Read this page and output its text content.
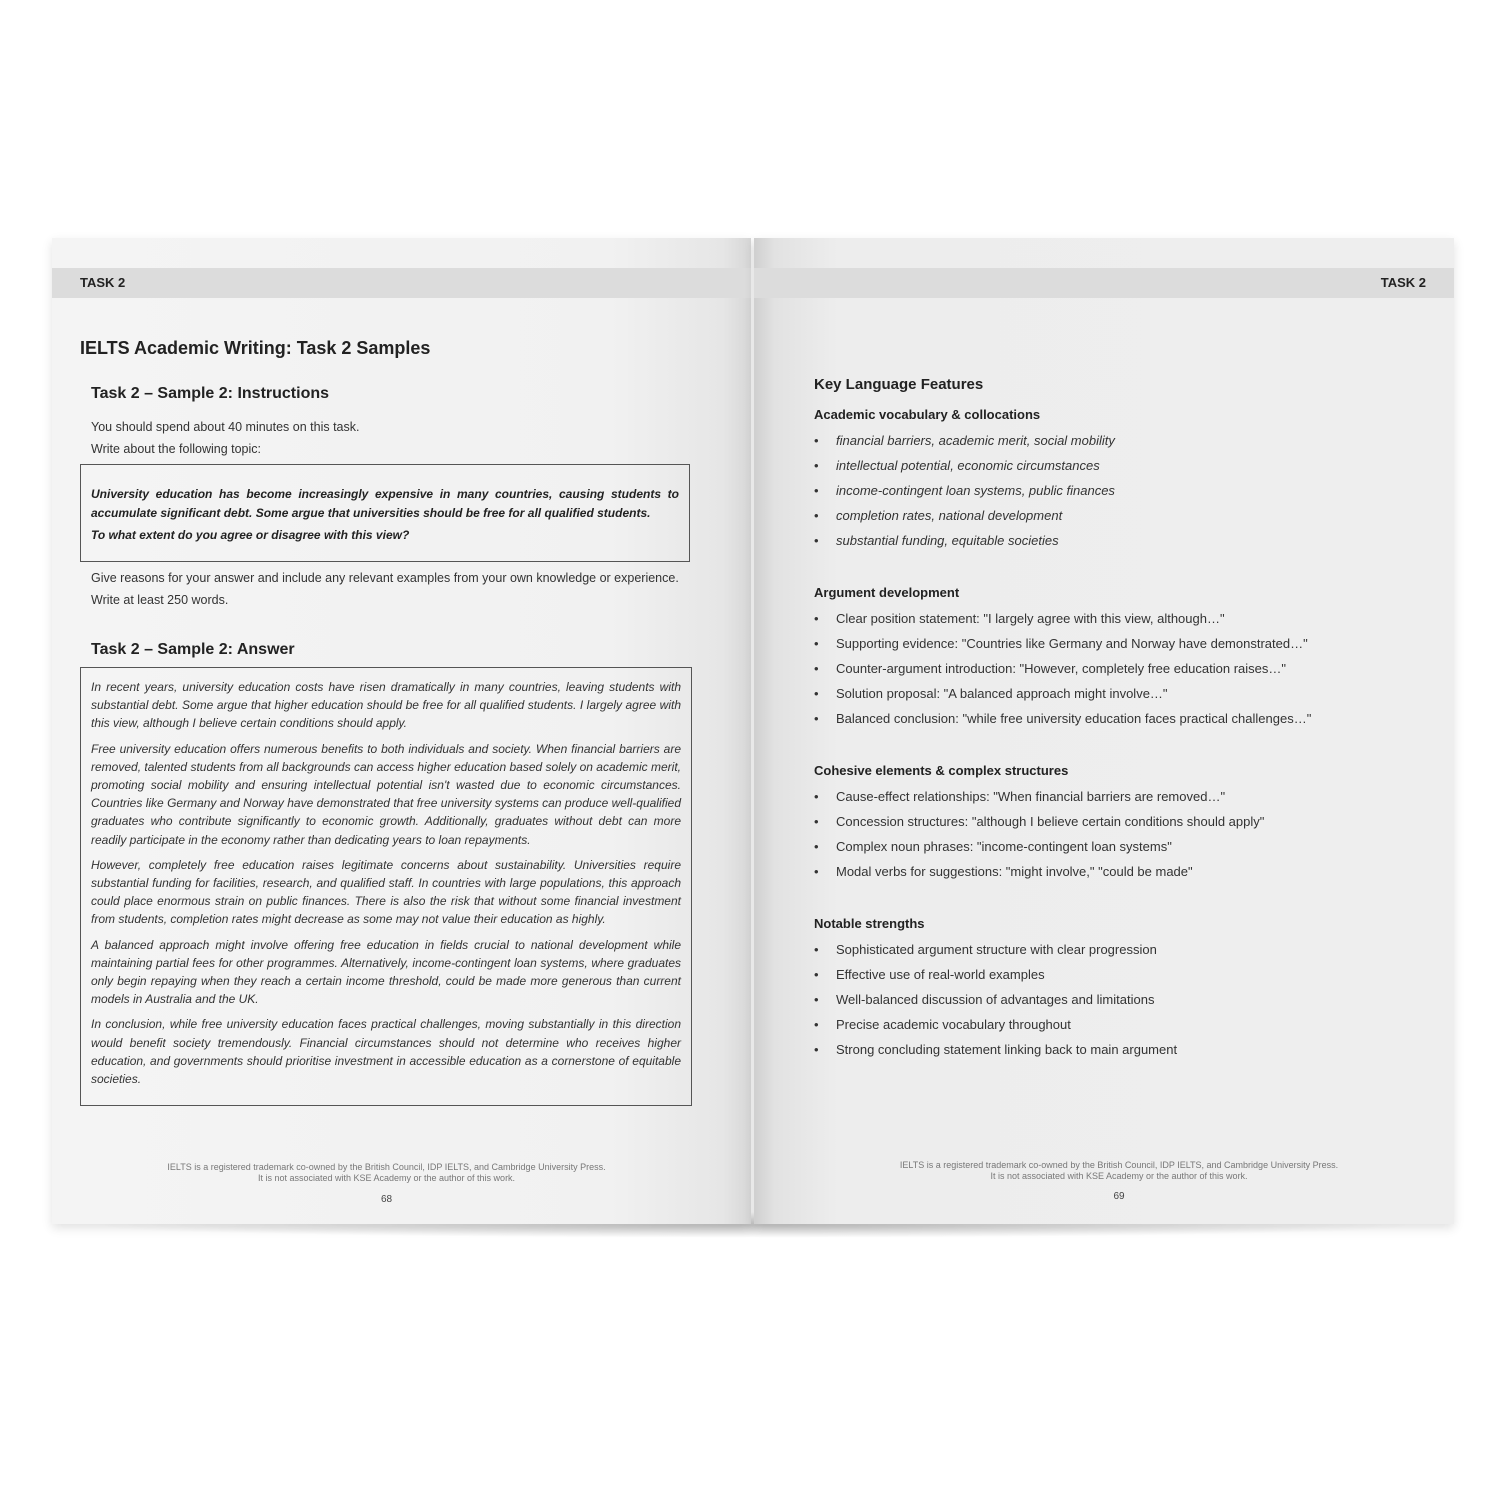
TASK 2
IELTS Academic Writing: Task 2 Samples
Task 2 – Sample 2: Instructions
You should spend about 40 minutes on this task.
Write about the following topic:
University education has become increasingly expensive in many countries, causing students to accumulate significant debt. Some argue that universities should be free for all qualified students.
To what extent do you agree or disagree with this view?
Give reasons for your answer and include any relevant examples from your own knowledge or experience.
Write at least 250 words.
Task 2 – Sample 2: Answer

In recent years, university education costs have risen dramatically in many countries, leaving students with substantial debt. Some argue that higher education should be free for all qualified students. I largely agree with this view, although I believe certain conditions should apply.

Free university education offers numerous benefits to both individuals and society. When financial barriers are removed, talented students from all backgrounds can access higher education based solely on academic merit, promoting social mobility and ensuring intellectual potential isn't wasted due to economic circumstances. Countries like Germany and Norway have demonstrated that free university systems can produce well-qualified graduates who contribute significantly to economic growth. Additionally, graduates without debt can more readily participate in the economy rather than dedicating years to loan repayments.

However, completely free education raises legitimate concerns about sustainability. Universities require substantial funding for facilities, research, and qualified staff. In countries with large populations, this approach could place enormous strain on public finances. There is also the risk that without some financial investment from students, completion rates might decrease as some may not value their education as highly.

A balanced approach might involve offering free education in fields crucial to national development while maintaining partial fees for other programmes. Alternatively, income-contingent loan systems, where graduates only begin repaying when they reach a certain income threshold, could be made more generous than current models in Australia and the UK.

In conclusion, while free university education faces practical challenges, moving substantially in this direction would benefit society tremendously. Financial circumstances should not determine who receives higher education, and governments should prioritise investment in accessible education as a cornerstone of equitable societies.

IELTS is a registered trademark co-owned by the British Council, IDP IELTS, and Cambridge University Press.
It is not associated with KSE Academy or the author of this work.
68
TASK 2
Key Language Features
Academic vocabulary & collocations
• financial barriers, academic merit, social mobility
• intellectual potential, economic circumstances
• income-contingent loan systems, public finances
• completion rates, national development
• substantial funding, equitable societies
Argument development
• Clear position statement: "I largely agree with this view, although…"
• Supporting evidence: "Countries like Germany and Norway have demonstrated…"
• Counter-argument introduction: "However, completely free education raises…"
• Solution proposal: "A balanced approach might involve…"
• Balanced conclusion: "while free university education faces practical challenges…"
Cohesive elements & complex structures
• Cause-effect relationships: "When financial barriers are removed…"
• Concession structures: "although I believe certain conditions should apply"
• Complex noun phrases: "income-contingent loan systems"
• Modal verbs for suggestions: "might involve," "could be made"
Notable strengths
• Sophisticated argument structure with clear progression
• Effective use of real-world examples
• Well-balanced discussion of advantages and limitations
• Precise academic vocabulary throughout
• Strong concluding statement linking back to main argument
IELTS is a registered trademark co-owned by the British Council, IDP IELTS, and Cambridge University Press.
It is not associated with KSE Academy or the author of this work.
69
